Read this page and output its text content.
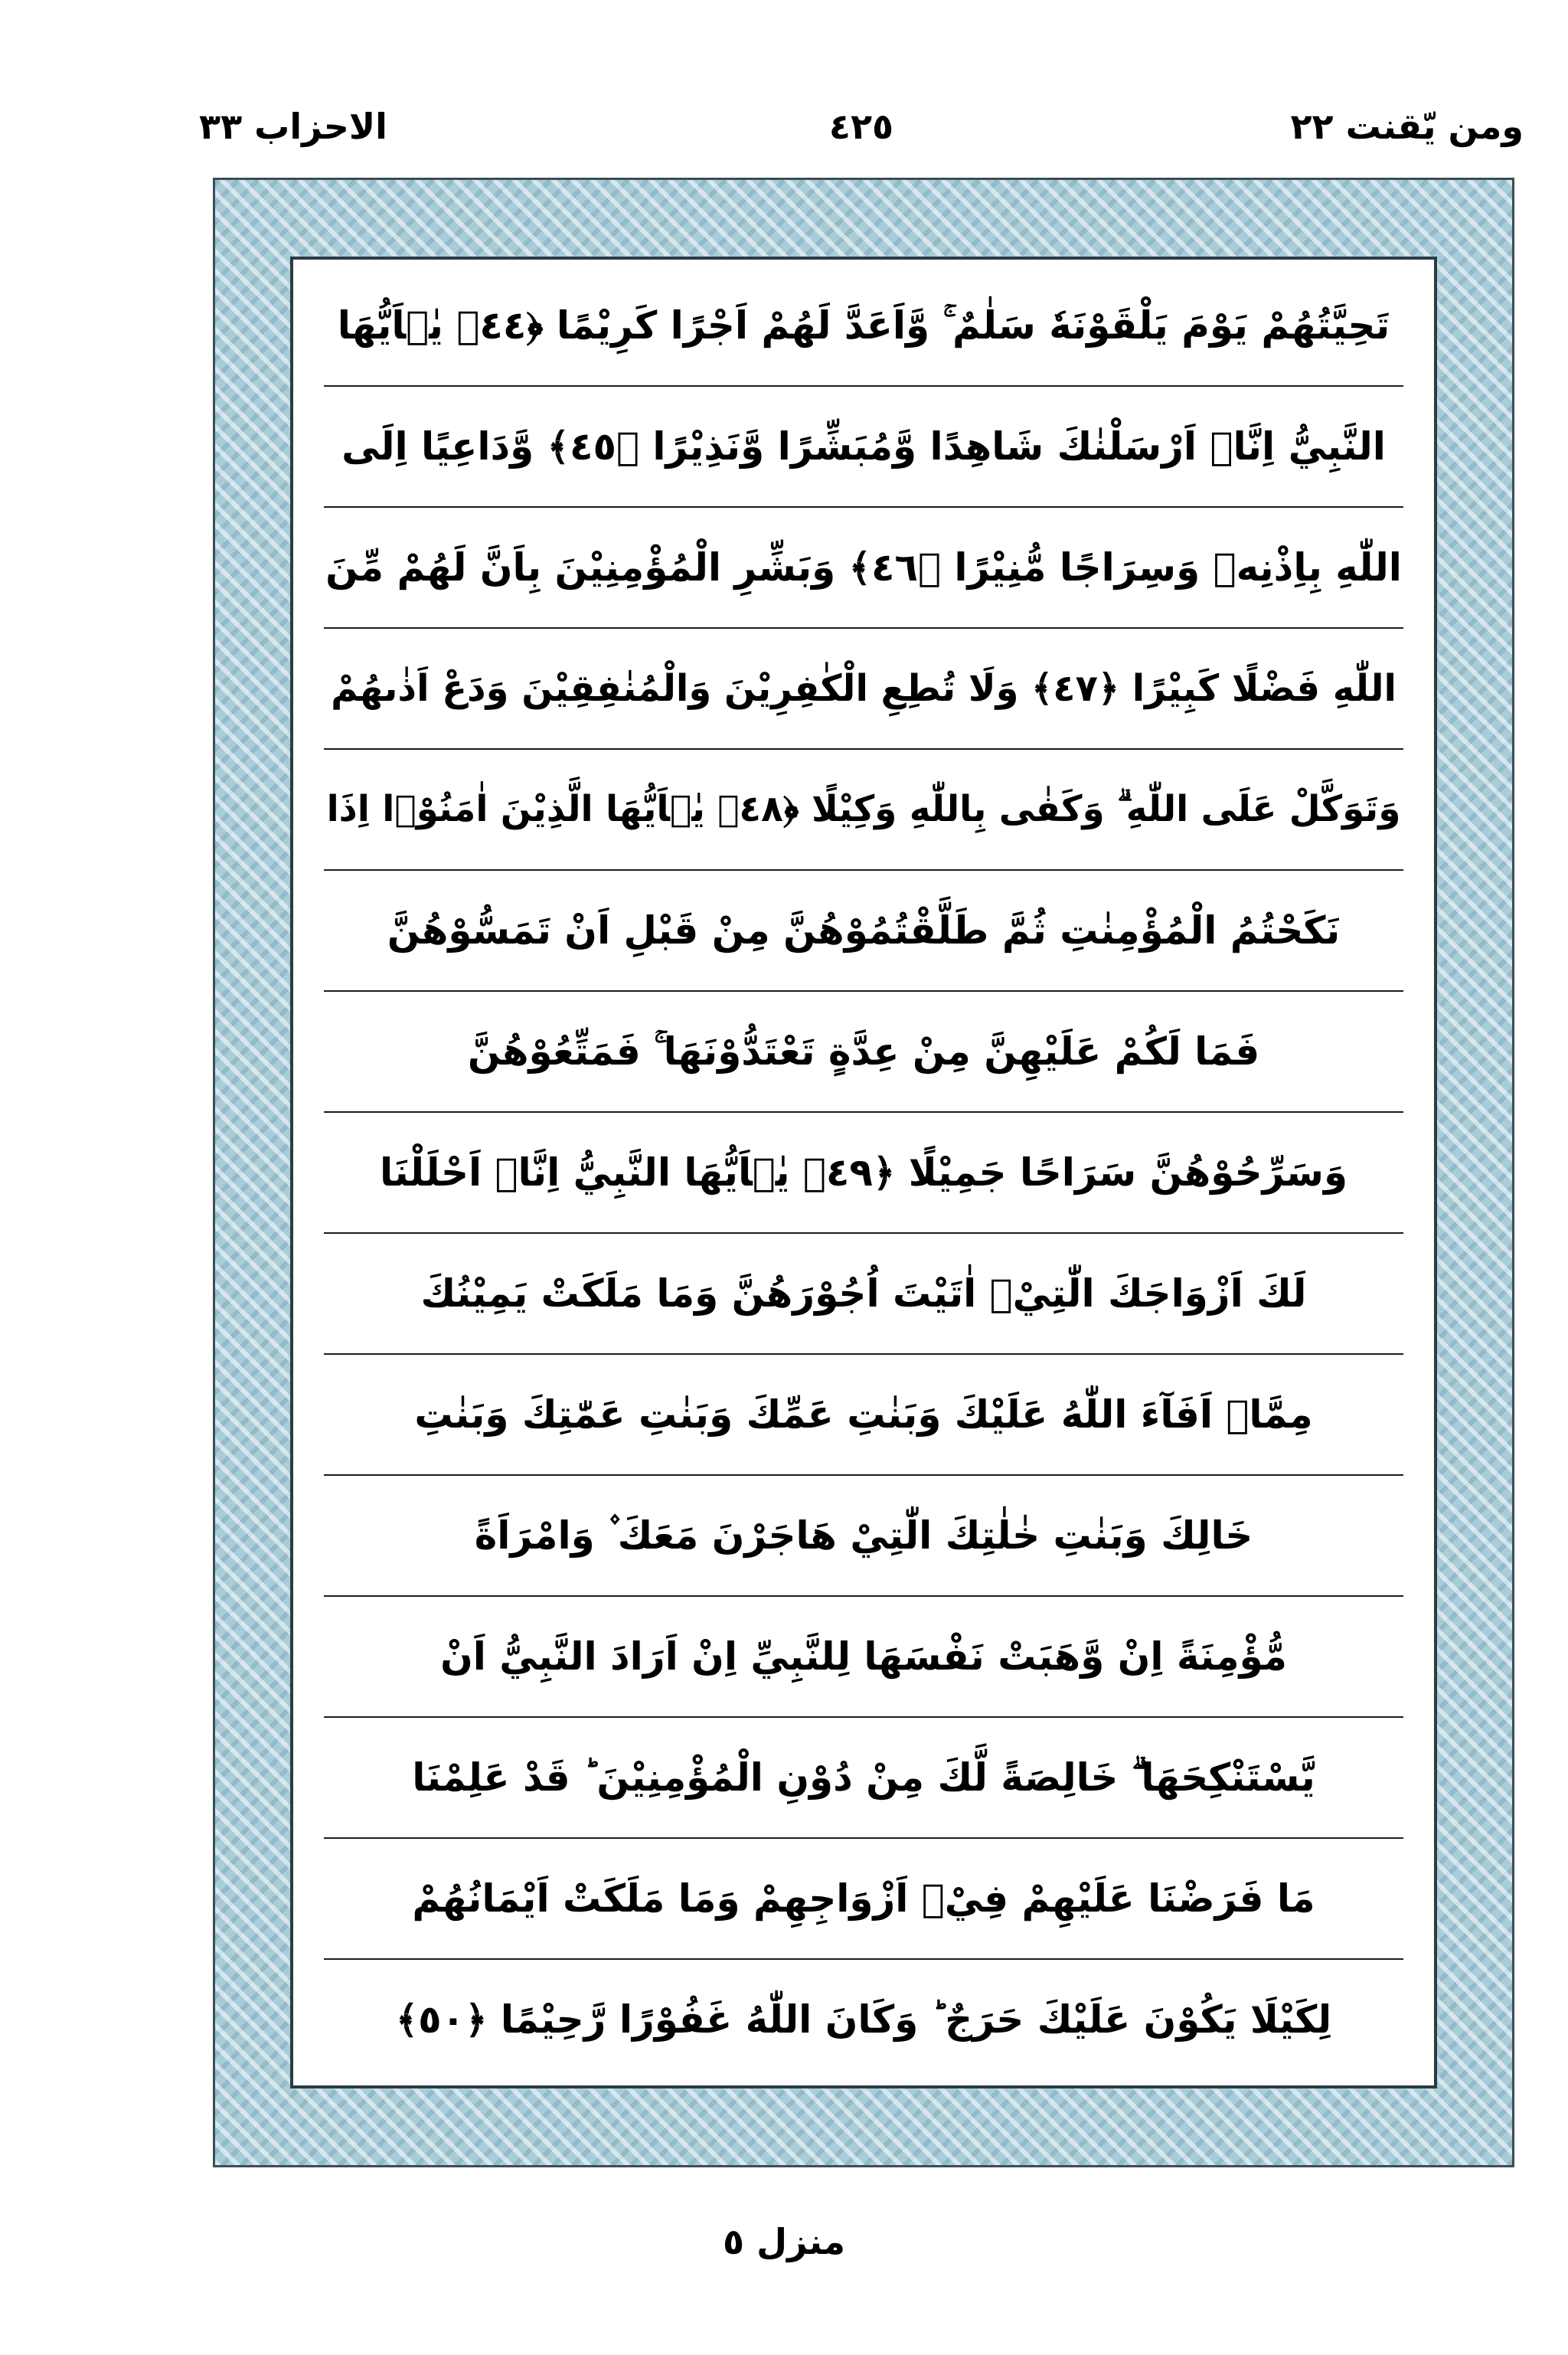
ومن يّقنت ٢٢
٤٢٥
الاحزاب ٣٣
تَحِيَّتُهُمْ يَوْمَ يَلْقَوْنَهٗ سَلٰمٌ ۚ وَّاَعَدَّ لَهُمْ اَجْرًا كَرِيْمًا ﴿٤٤﴾ يٰۤاَيُّهَا
النَّبِيُّ اِنَّاۤ اَرْسَلْنٰكَ شَاهِدًا وَّمُبَشِّرًا وَّنَذِيْرًا ﴿٤٥﴾ وَّدَاعِيًا اِلَى
اللّٰهِ بِاِذْنِهٖ وَسِرَاجًا مُّنِيْرًا ﴿٤٦﴾ وَبَشِّرِ الْمُؤْمِنِيْنَ بِاَنَّ لَهُمْ مِّنَ
اللّٰهِ فَضْلًا كَبِيْرًا ﴿٤٧﴾ وَلَا تُطِعِ الْكٰفِرِيْنَ وَالْمُنٰفِقِيْنَ وَدَعْ اَذٰىهُمْ
وَتَوَكَّلْ عَلَى اللّٰهِ ۗ وَكَفٰى بِاللّٰهِ وَكِيْلًا ﴿٤٨﴾ يٰۤاَيُّهَا الَّذِيْنَ اٰمَنُوْۤا اِذَا
نَكَحْتُمُ الْمُؤْمِنٰتِ ثُمَّ طَلَّقْتُمُوْهُنَّ مِنْ قَبْلِ اَنْ تَمَسُّوْهُنَّ
فَمَا لَكُمْ عَلَيْهِنَّ مِنْ عِدَّةٍ تَعْتَدُّوْنَهَا ۚ فَمَتِّعُوْهُنَّ
وَسَرِّحُوْهُنَّ سَرَاحًا جَمِيْلًا ﴿٤٩﴾ يٰۤاَيُّهَا النَّبِيُّ اِنَّاۤ اَحْلَلْنَا
لَكَ اَزْوَاجَكَ الّٰتِيْۤ اٰتَيْتَ اُجُوْرَهُنَّ وَمَا مَلَكَتْ يَمِيْنُكَ
مِمَّاۤ اَفَآءَ اللّٰهُ عَلَيْكَ وَبَنٰتِ عَمِّكَ وَبَنٰتِ عَمّٰتِكَ وَبَنٰتِ
خَالِكَ وَبَنٰتِ خٰلٰتِكَ الّٰتِيْ هَاجَرْنَ مَعَكَ ۫ وَامْرَاَةً
مُّؤْمِنَةً اِنْ وَّهَبَتْ نَفْسَهَا لِلنَّبِيِّ اِنْ اَرَادَ النَّبِيُّ اَنْ
يَّسْتَنْكِحَهَا ۗ خَالِصَةً لَّكَ مِنْ دُوْنِ الْمُؤْمِنِيْنَ ؕ قَدْ عَلِمْنَا
مَا فَرَضْنَا عَلَيْهِمْ فِيْۤ اَزْوَاجِهِمْ وَمَا مَلَكَتْ اَيْمَانُهُمْ
لِكَيْلَا يَكُوْنَ عَلَيْكَ حَرَجٌ ؕ وَكَانَ اللّٰهُ غَفُوْرًا رَّحِيْمًا ﴿٥٠﴾
منزل ٥
